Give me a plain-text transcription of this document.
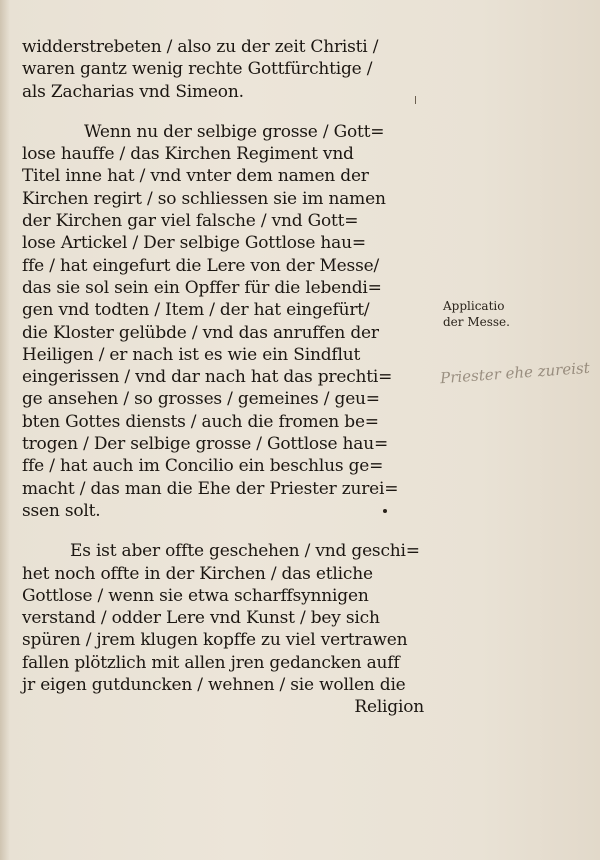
widderstrebeten / also zu der zeit Christi /
waren gantz wenig rechte Gottfürchtige /
als Zacharias vnd Simeon.
Wenn nu der selbige grosse / Gott=
lose hauffe / das Kirchen Regiment vnd
Titel inne hat / vnd vnter dem namen der
Kirchen regirt / so schliessen sie im namen
der Kirchen gar viel falsche / vnd Gott=
lose Artickel / Der selbige Gottlose hau=
ffe / hat eingefurt die Lere von der Messe/
das sie sol sein ein Opffer für die lebendi=
gen vnd todten / Item / der hat eingefürt/
die Kloster gelübde / vnd das anruffen der
Heiligen / er nach ist es wie ein Sindflut
eingerissen / vnd dar nach hat das prechti=
ge ansehen / so grosses / gemeines / geu=
bten Gottes diensts / auch die fromen be=
trogen / Der selbige grosse / Gottlose hau=
ffe / hat auch im Concilio ein beschlus ge=
macht / das man die Ehe der Priester zurei=
ssen solt.
Es ist aber offte geschehen / vnd geschi=
het noch offte in der Kirchen / das etliche
Gottlose / wenn sie etwa scharffsynnigen
verstand / odder Lere vnd Kunst / bey sich
spüren / jrem klugen kopffe zu viel vertrawen
fallen plötzlich mit allen jren gedancken auff
jr eigen gutduncken / wehnen / sie wollen die
Religion
Applicatio
der Messe.
Priester ehe zureist
